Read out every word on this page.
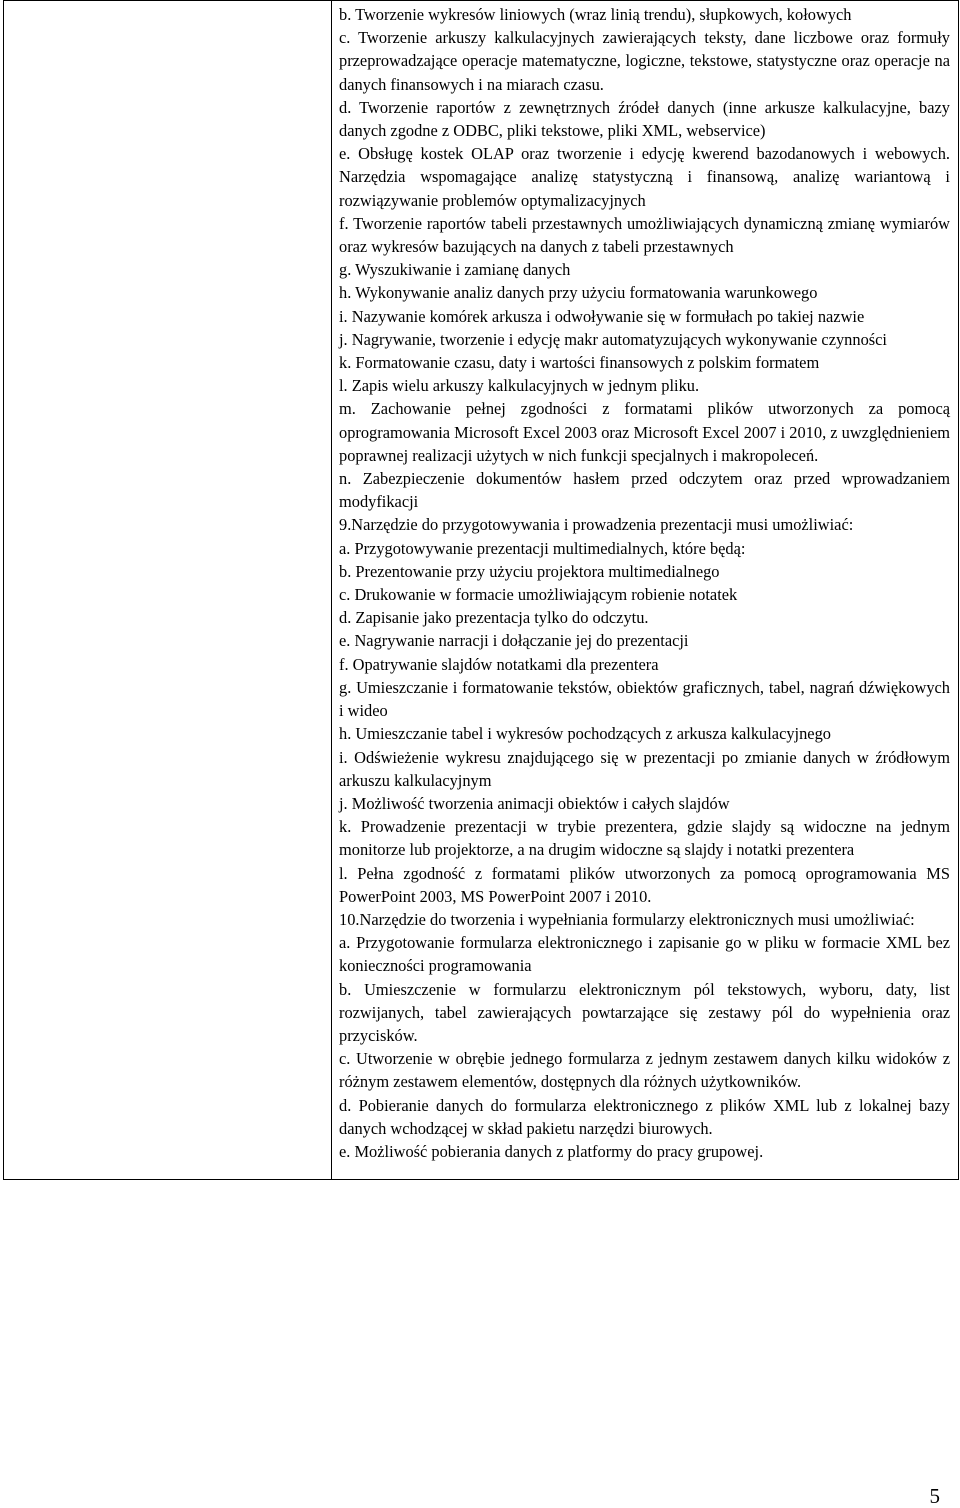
b. Tworzenie wykresów liniowych (wraz linią trendu), słupkowych, kołowych

c. Tworzenie arkuszy kalkulacyjnych zawierających teksty, dane liczbowe oraz formuły przeprowadzające operacje matematyczne, logiczne, tekstowe, statystyczne oraz operacje na danych finansowych i na miarach czasu.

d. Tworzenie raportów z zewnętrznych źródeł danych (inne arkusze kalkulacyjne, bazy danych zgodne z ODBC, pliki tekstowe, pliki XML, webservice)

e. Obsługę kostek OLAP oraz tworzenie i edycję kwerend bazodanowych i webowych. Narzędzia wspomagające analizę statystyczną i finansową, analizę wariantową i rozwiązywanie problemów optymalizacyjnych

f. Tworzenie raportów tabeli przestawnych umożliwiających dynamiczną zmianę wymiarów oraz wykresów bazujących na danych z tabeli przestawnych

g. Wyszukiwanie i zamianę danych

h. Wykonywanie analiz danych przy użyciu formatowania warunkowego

i. Nazywanie komórek arkusza i odwoływanie się w formułach po takiej nazwie

j. Nagrywanie, tworzenie i edycję makr automatyzujących wykonywanie czynności

k. Formatowanie czasu, daty i wartości finansowych z polskim formatem

l. Zapis wielu arkuszy kalkulacyjnych w jednym pliku.

m. Zachowanie pełnej zgodności z formatami plików utworzonych za pomocą oprogramowania Microsoft Excel 2003 oraz Microsoft Excel 2007 i 2010, z uwzględnieniem poprawnej realizacji użytych w nich funkcji specjalnych i makropoleceń.

n. Zabezpieczenie dokumentów hasłem przed odczytem oraz przed wprowadzaniem modyfikacji

9.Narzędzie do przygotowywania i prowadzenia prezentacji musi umożliwiać:

a. Przygotowywanie prezentacji multimedialnych, które będą:

b. Prezentowanie przy użyciu projektora multimedialnego

c. Drukowanie w formacie umożliwiającym robienie notatek

d. Zapisanie jako prezentacja tylko do odczytu.

e. Nagrywanie narracji i dołączanie jej do prezentacji

f. Opatrywanie slajdów notatkami dla prezentera

g. Umieszczanie i formatowanie tekstów, obiektów graficznych, tabel, nagrań dźwiękowych i wideo

h. Umieszczanie tabel i wykresów pochodzących z arkusza kalkulacyjnego

i. Odświeżenie wykresu znajdującego się w prezentacji po zmianie danych w źródłowym arkuszu kalkulacyjnym

j. Możliwość tworzenia animacji obiektów i całych slajdów

k. Prowadzenie prezentacji w trybie prezentera, gdzie slajdy są widoczne na jednym monitorze lub projektorze, a na drugim widoczne są slajdy i notatki prezentera

l. Pełna zgodność z formatami plików utworzonych za pomocą oprogramowania MS PowerPoint 2003, MS PowerPoint 2007 i 2010.

10.Narzędzie do tworzenia i wypełniania formularzy elektronicznych musi umożliwiać:

a. Przygotowanie formularza elektronicznego i zapisanie go w pliku w formacie XML bez konieczności programowania

b. Umieszczenie w formularzu elektronicznym pól tekstowych, wyboru, daty, list rozwijanych, tabel zawierających powtarzające się zestawy pól do wypełnienia oraz przycisków.

c. Utworzenie w obrębie jednego formularza z jednym zestawem danych kilku widoków z różnym zestawem elementów, dostępnych dla różnych użytkowników.

d. Pobieranie danych do formularza elektronicznego z plików XML lub z lokalnej bazy danych wchodzącej w skład pakietu narzędzi biurowych.

e. Możliwość pobierania danych z platformy do pracy grupowej.

5
